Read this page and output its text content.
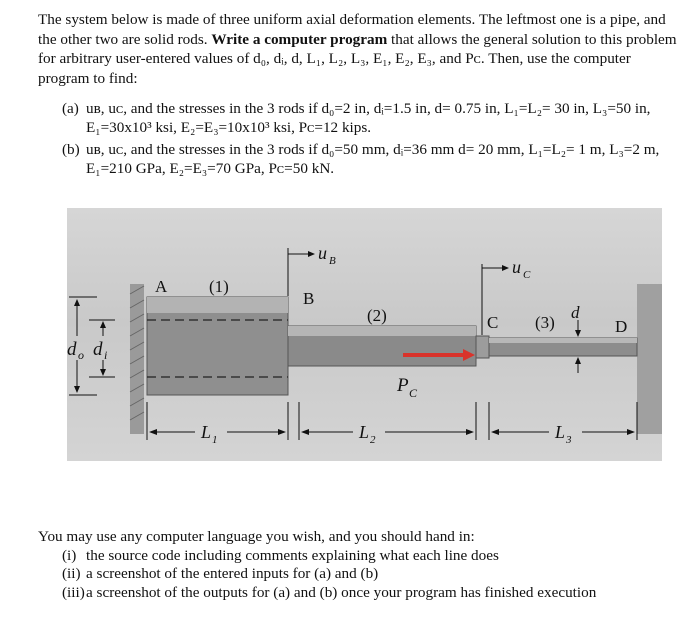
The system below is made of three uniform axial deformation elements. The leftmost one is a pipe, and the other two are solid rods. Write a computer program that allows the general solution to this problem for arbitrary user-entered values of d₀, dᵢ, d, L₁, L₂, L₃, E₁, E₂, E₃, and Pᴄ. Then, use the computer program to find:
(a) uʙ, uᴄ, and the stresses in the 3 rods if d₀=2 in, dᵢ=1.5 in, d= 0.75 in, L₁=L₂= 30 in, L₃=50 in, E₁=30x10³ ksi, E₂=E₃=10x10³ ksi, Pᴄ=12 kips.
(b) uʙ, uᴄ, and the stresses in the 3 rods if d₀=50 mm, dᵢ=36 mm d= 20 mm, L₁=L₂= 1 m, L₃=2 m, E₁=210 GPa, E₂=E₃=70 GPa, Pᴄ=50 kN.
A (1)
B
(2)	C (3)	D
u B	u C
d o d i
d
P C
L 1	L 2	L 3
You may use any computer language you wish, and you should hand in:
(i) the source code including comments explaining what each line does
(ii) a screenshot of the entered inputs for (a) and (b)
(iii) a screenshot of the outputs for (a) and (b) once your program has finished execution
